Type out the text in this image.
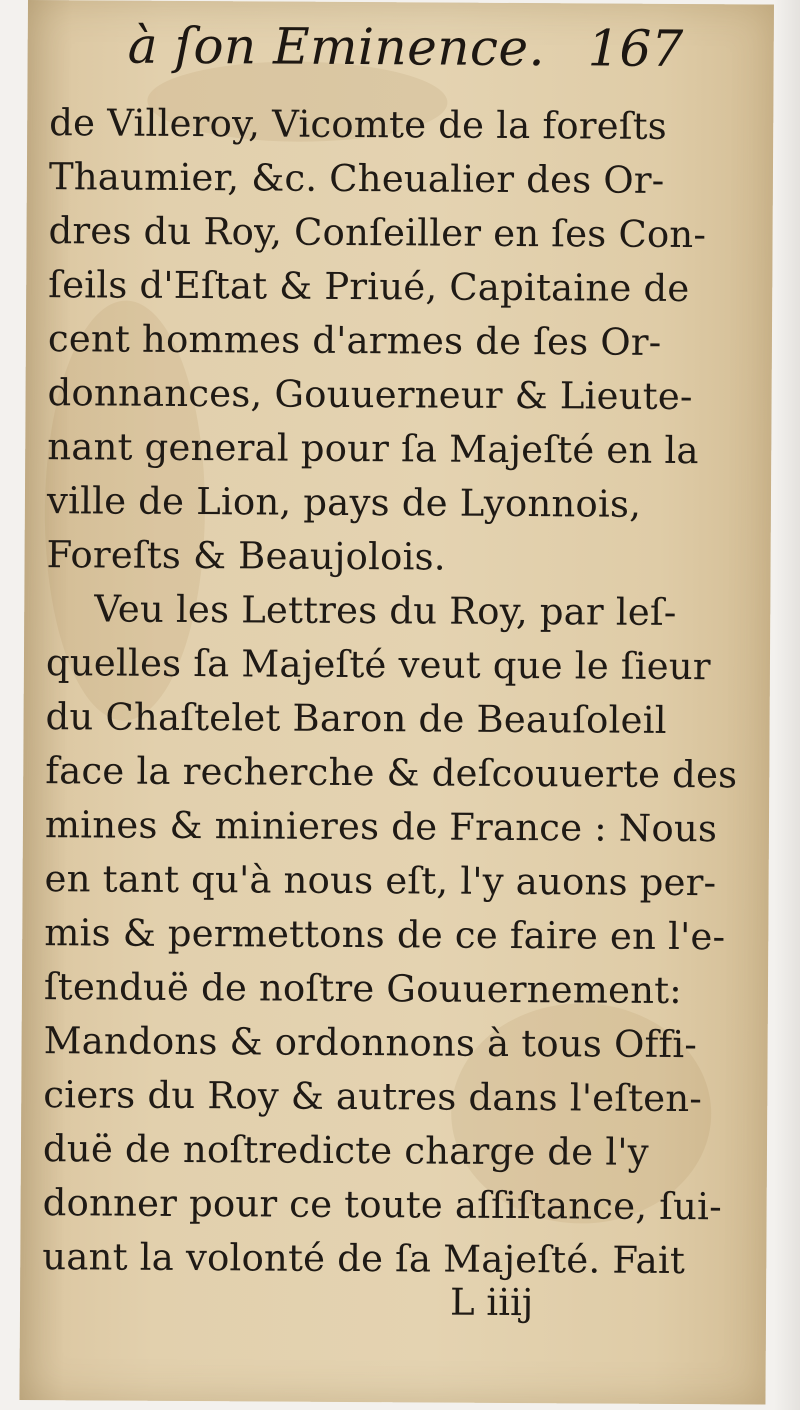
à ſon Eminence. 167
de Villeroy, Vicomte de la foreſts
Thaumier, &c. Cheualier des Or-
dres du Roy, Conſeiller en ſes Con-
ſeils d'Eſtat & Priué, Capitaine de
cent hommes d'armes de ſes Or-
donnances, Gouuerneur & Lieute-
nant general pour ſa Majeſté en la
ville de Lion, pays de Lyonnois,
Foreſts & Beaujolois.
Veu les Lettres du Roy, par leſ-
quelles ſa Majeſté veut que le ſieur
du Chaſtelet Baron de Beauſoleil
face la recherche & deſcouuerte des
mines & minieres de France : Nous
en tant qu'à nous eſt, l'y auons per-
mis & permettons de ce faire en l'e-
ſtenduë de noſtre Gouuernement:
Mandons & ordonnons à tous Offi-
ciers du Roy & autres dans l'eſten-
duë de noſtredicte charge de l'y
donner pour ce toute aſſiſtance, ſui-
uant la volonté de ſa Majeſté. Fait
L iiij
